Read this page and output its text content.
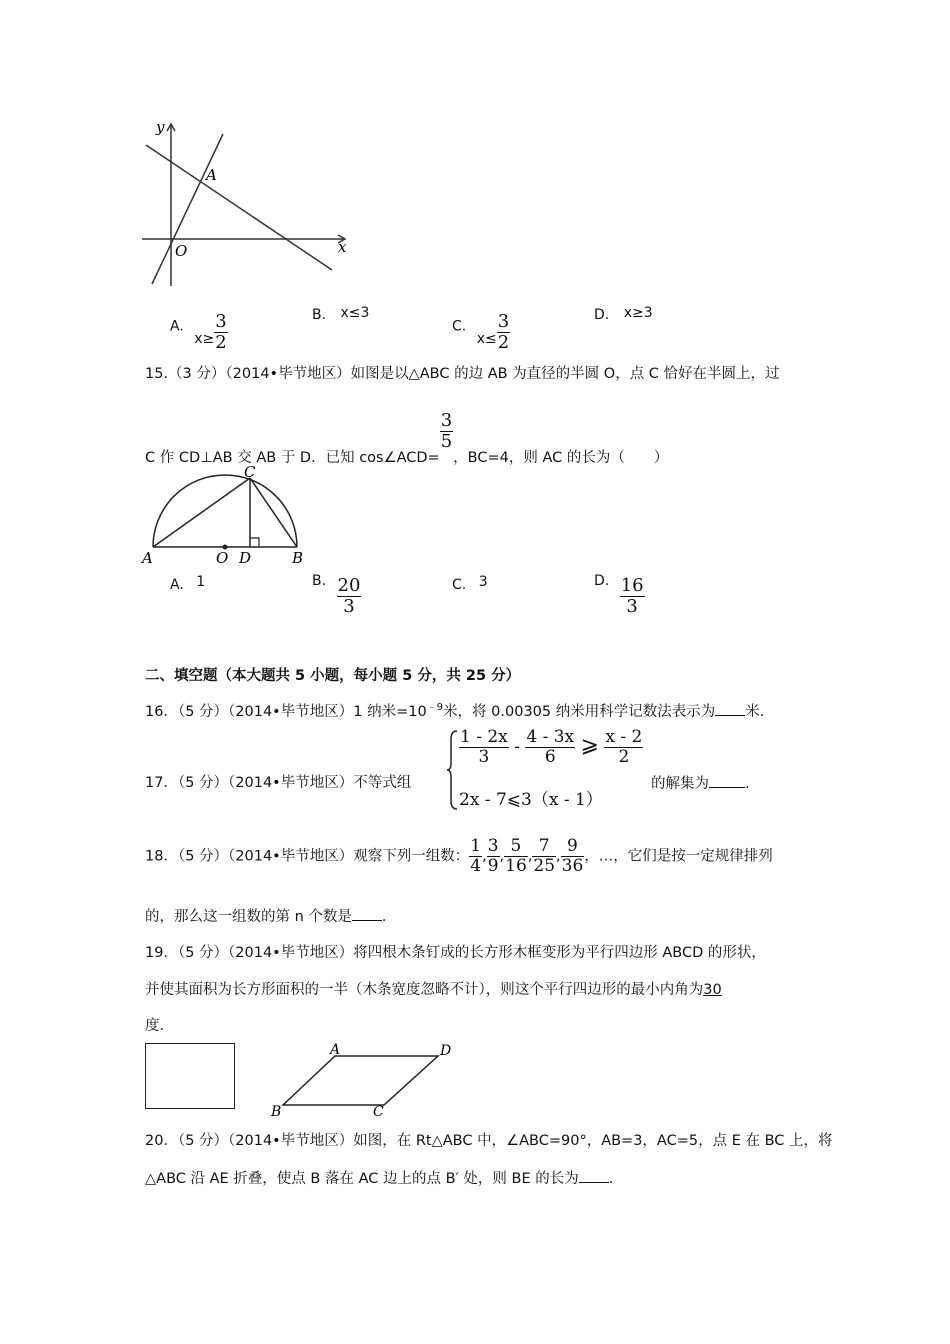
y
x
A
O
A. $x\ge \frac{3}{2}$	B. x≤3
C. $x\le \frac{3}{2}$	D. x≥3
15.（3 分）（2014•毕节地区）如图是以△ABC 的边 AB 为直径的半圆 O，点 C 恰好在半圆上，过
C 作 CD⊥AB 交 AB 于 D．已知 cos∠ACD=
$\frac{3}{5}$
，BC=4，则 AC 的长为（　　）
A	O D	B
C
A. 1	B. $\frac{20}{3}$	C. 3	D. $\frac{16}{3}$
二、填空题（本大题共 5 小题，每小题 5 分，共 25 分）
16．（5 分）（2014•毕节地区）1 纳米$=10^{﹣9}$米，将 0.00305 纳米用科学记数法表示为 米．
17．（5 分）（2014•毕节地区）不等式组
$\frac{1 - 2x}{3} - \frac{4 - 3x}{6}$ ⩾ $\frac{x - 2}{2}$
2x - 7⩽3（x - 1）
的解集为 .
18．（5 分）（2014•毕节地区）观察下列一组数： $\frac{1}{4}$ , $\frac{3}{9}$ , $\frac{5}{16}$ , $\frac{7}{25}$ , $\frac{9}{36}$ ，…，它们是按一定规律排列
的，那么这一组数的第 n 个数是 ．
19．（5 分）（2014•毕节地区）将四根木条钉成的长方形木框变形为平行四边形 ABCD 的形状，
并使其面积为长方形面积的一半（木条宽度忽略不计），则这个平行四边形的最小内角为30
度．
A	D
B	C
20．（5 分）（2014•毕节地区）如图，在 Rt△ABC 中，∠ABC=90°，AB=3，AC=5，点 E 在 BC 上，将
△ABC 沿 AE 折叠，使点 B 落在 AC 边上的点 B′ 处，则 BE 的长为 ．
